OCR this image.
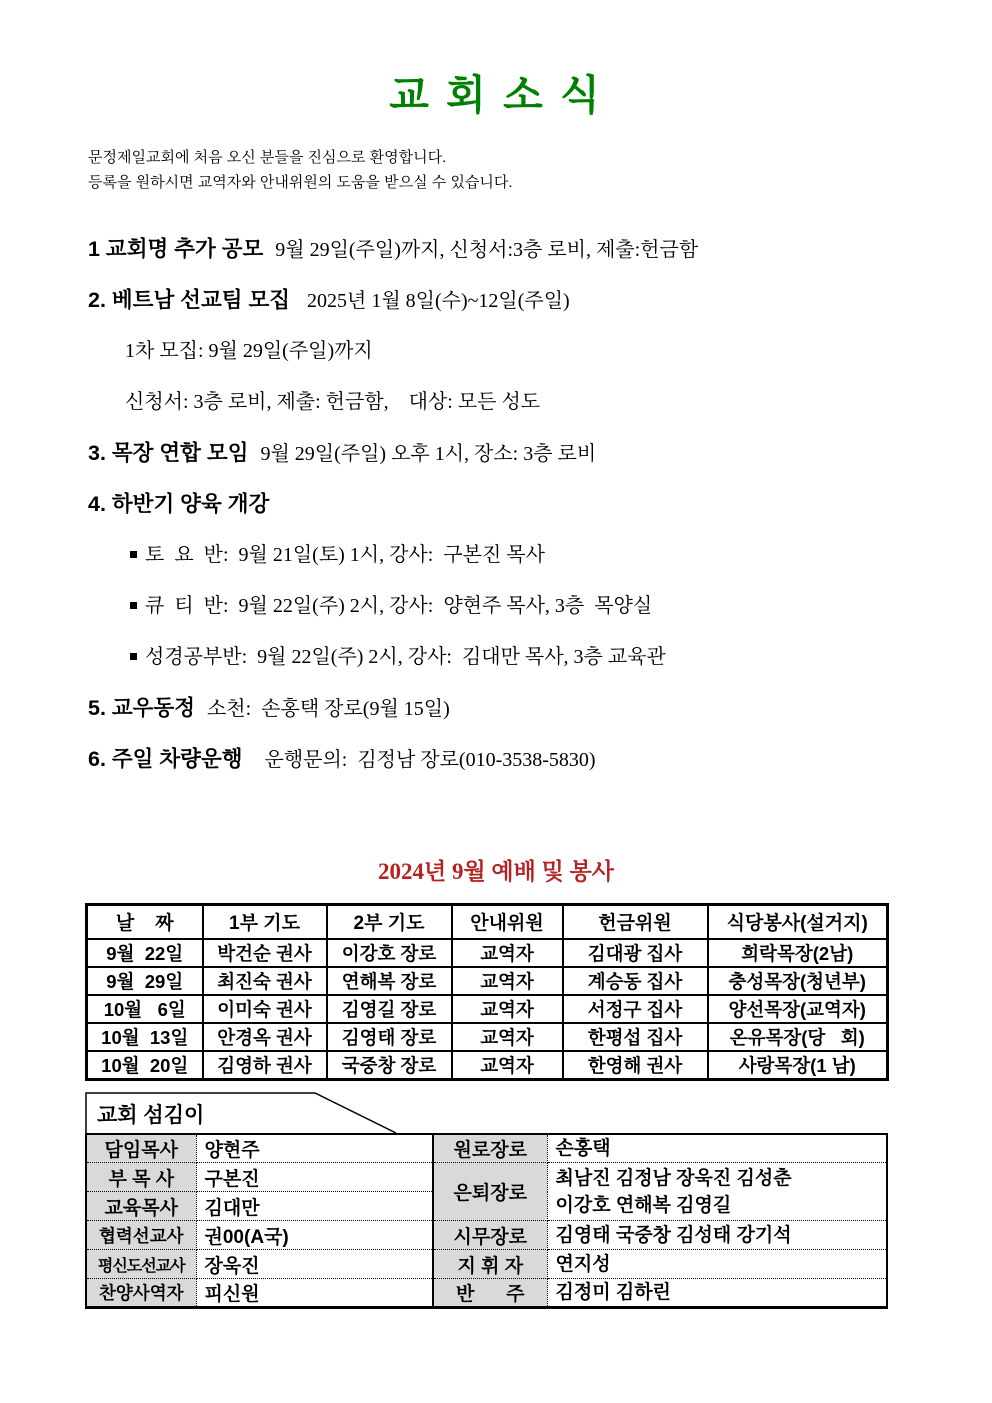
교 회 소 식

문정제일교회에 처음 오신 분들을 진심으로 환영합니다.

등록을 원하시면 교역자와 안내위원의 도움을 받으실 수 있습니다.

1 교회명 추가 공모 9월 29일(주일)까지, 신청서:3층 로비, 제출:헌금함
2. 베트남 선교팀 모집 2025년 1월 8일(수)~12일(주일)
1차 모집: 9월 29일(주일)까지
신청서: 3층 로비, 제출: 헌금함,    대상: 모든 성도
3. 목장 연합 모임 9월 29일(주일) 오후 1시, 장소: 3층 로비
4. 하반기 양육 개강
토  요  반:  9월 21일(토) 1시, 강사:  구본진 목사
큐  티  반:  9월 22일(주) 2시, 강사:  양현주 목사, 3층  목양실
성경공부반:  9월 22일(주) 2시, 강사:  김대만 목사, 3층 교육관
5. 교우동정 소천:  손홍택 장로(9월 15일)
6. 주일 차량운행  운행문의:  김정남 장로(010-3538-5830)
2024년 9월 예배 및 봉사
날    짜	1부 기도	2부 기도	안내위원	헌금위원	식당봉사(설거지)
9월  22일	박건순 권사	이강호 장로	교역자	김대광 집사	희락목장(2남)
9월  29일	최진숙 권사	연해복 장로	교역자	계승동 집사	충성목장(청년부)
10월   6일	이미숙 권사	김영길 장로	교역자	서정구 집사	양선목장(교역자)
10월  13일	안경옥 권사	김영태 장로	교역자	한평섭 집사	온유목장(당   회)
10월  20일	김영하 권사	국중창 장로	교역자	한영해 권사	사랑목장(1 남)
교회 섬김이
담임목사	양현주	원로장로	손홍택

부 목 사	구본진	은퇴장로	최남진 김정남 장욱진 김성춘
이강호 연해복 김영길

교육목사	김대만		
협력선교사	권00(A국)	시무장로	김영태 국중창 김성태 강기석

평신도선교사	장욱진	지 휘 자	연지성

찬양사역자	피신원	반      주	김정미 김하린
